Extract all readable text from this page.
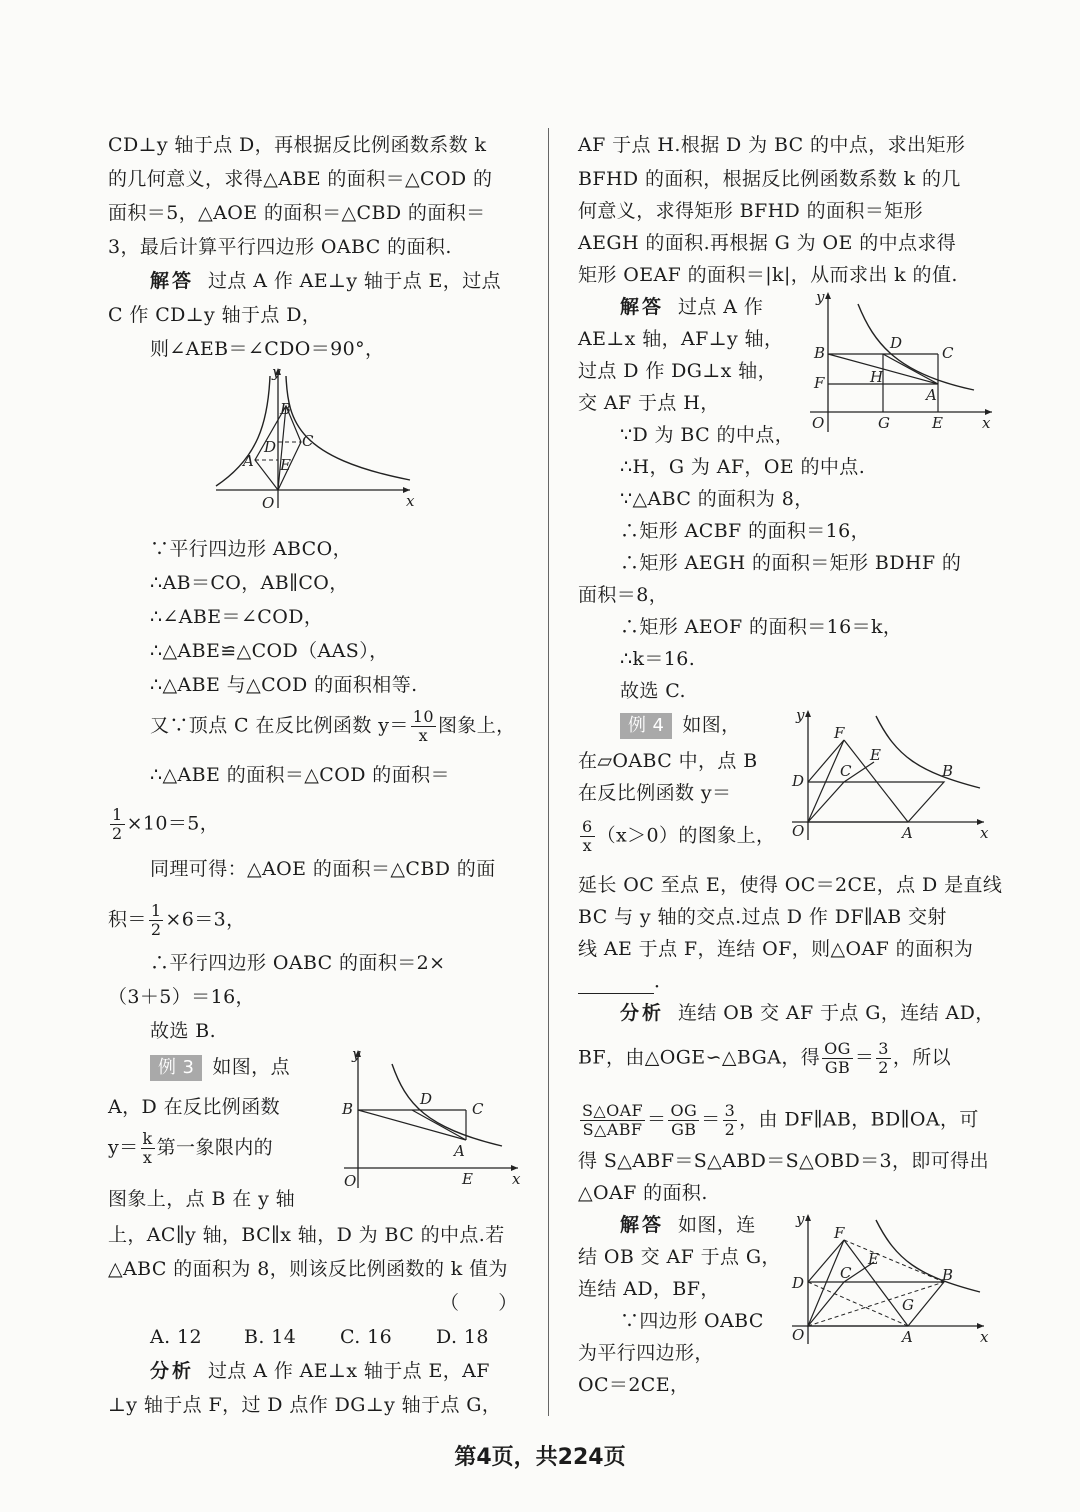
CD⊥y 轴于点 D，再根据反比例函数系数 k
的几何意义，求得△ABE 的面积＝△COD 的
面积＝5，△AOE 的面积＝△CBD 的面积＝
3，最后计算平行四边形 OABC 的面积.
解答 过点 A 作 AE⊥y 轴于点 E，过点
C 作 CD⊥y 轴于点 D，
则∠AEB＝∠CDO＝90°，
y
x
O
A
B
C
D
E
∵平行四边形 ABCO，
∴AB＝CO，AB∥CO，
∴∠ABE＝∠COD，
∴△ABE≌△COD（AAS），
∴△ABE 与△COD 的面积相等.
又∵顶点 C 在反比例函数 $y= \frac{10}{x}$ 图象上，
∴△ABE 的面积＝△COD 的面积＝
$\frac{1}{2} \times 10=5$，
同理可得：△AOE 的面积＝△CBD 的面
积＝ $\frac{1}{2} \times 6=3$，
∴平行四边形 OABC 的面积＝2×
（3＋5）＝16，
故选 B.
例 3 如图，点
A，D 在反比例函数
$y= \frac{k}{x}$ 第一象限内的
图象上，点 B 在 y 轴
y
x
O
A
B	C
D
E
上，AC∥y 轴，BC∥x 轴，D 为 BC 的中点.若
△ABC 的面积为 8，则该反比例函数的 k 值为
（　　）
A. 12 B. 14 C. 16 D. 18
分析 过点 A 作 AE⊥x 轴于点 E，AF
⊥y 轴于点 F，过 D 点作 DG⊥y 轴于点 G，
AF 于点 H.根据 D 为 BC 的中点，求出矩形
BFHD 的面积，根据反比例函数系数 k 的几
何意义，求得矩形 BFHD 的面积＝矩形
AEGH 的面积.再根据 G 为 OE 的中点求得
矩形 OEAF 的面积＝|k|，从而求出 k 的值.
解答 过点 A 作
AE⊥x 轴，AF⊥y 轴，
过点 D 作 DG⊥x 轴，
交 AF 于点 H，
y
x
O
A
B	C
D
E
F
G
H
∵D 为 BC 的中点，
∴H，G 为 AF，OE 的中点.
∵△ABC 的面积为 8，
∴矩形 ACBF 的面积＝16，
∴矩形 AEGH 的面积＝矩形 BDHF 的
面积＝8，
∴矩形 AEOF 的面积＝16＝k，
∴k＝16.
故选 C.
例 4 如图，
在▱OABC 中，点 B
在反比例函数 y＝
$\frac{6}{x} (x>0)$的图象上，
y
x
O	A
B
C
D
E
F
延长 OC 至点 E，使得 OC＝2CE，点 D 是直线
BC 与 y 轴的交点.过点 D 作 DF∥AB 交射
线 AE 于点 F，连结 OF，则△OAF 的面积为
．
分析 连结 OB 交 AF 于点 G，连结 AD，
BF，由△OGE∽△BGA，得 $\frac{OG}{GB} = \frac{3}{2}$ ，所以
$\frac{\text{S△OAF}}{\text{S△ABF}} = \frac{OG}{GB} = \frac{3}{2}$ ，由 DF∥AB，BD∥OA，可
得 S△ABF＝S△ABD＝S△OBD＝3，即可得出
△OAF 的面积.
解答 如图，连
结 OB 交 AF 于点 G，
连结 AD，BF，
∵四边形 OABC
为平行四边形，
OC＝2CE，
y
x
O	A
B
C
D
E
F
G
第4页，共224页
